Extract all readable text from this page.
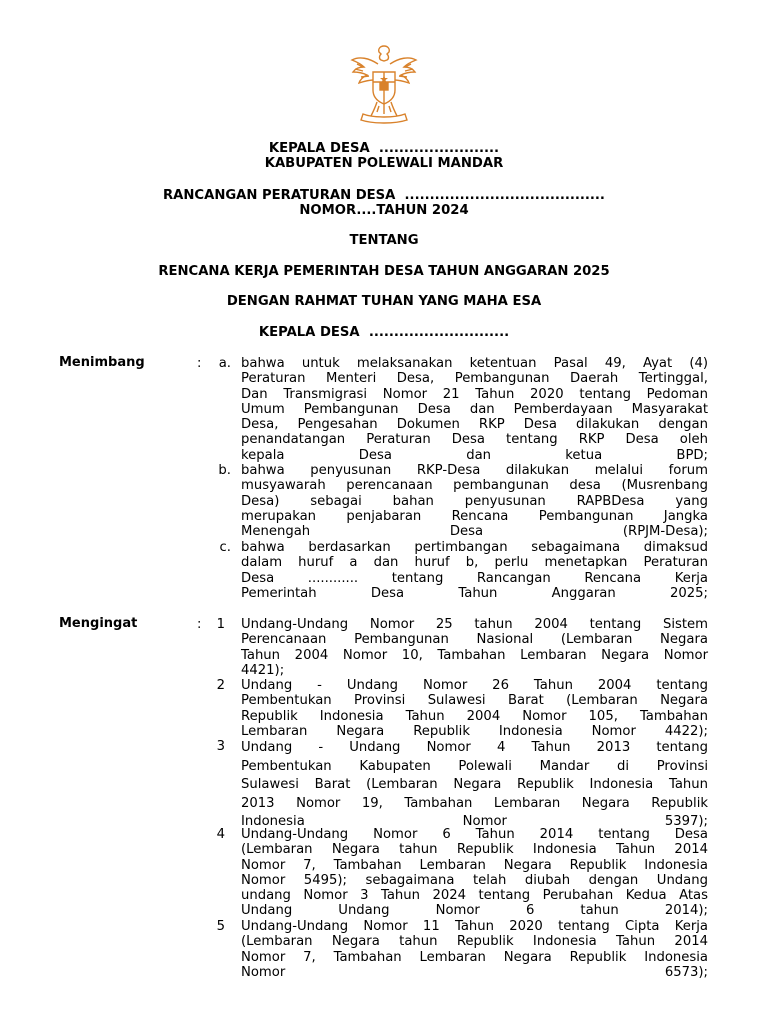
KEPALA DESA  ........................
KABUPATEN POLEWALI MANDAR
RANCANGAN PERATURAN DESA  ........................................
NOMOR....TAHUN 2024
TENTANG
RENCANA KERJA PEMERINTAH DESA TAHUN ANGGARAN 2025
DENGAN RAHMAT TUHAN YANG MAHA ESA
KEPALA DESA  ............................
Menimbang	:	a. bahwa untuk melaksanakan ketentuan Pasal 49, Ayat (4)
Peraturan Menteri Desa, Pembangunan Daerah Tertinggal,
Dan Transmigrasi Nomor 21 Tahun 2020 tentang Pedoman
Umum Pembangunan Desa dan Pemberdayaan Masyarakat
Desa, Pengesahan Dokumen RKP Desa dilakukan dengan
penandatangan Peraturan Desa tentang RKP Desa oleh
kepala Desa dan ketua BPD;
b. bahwa penyusunan RKP-Desa dilakukan melalui forum
musyawarah perencanaan pembangunan desa (Musrenbang
Desa) sebagai bahan penyusunan RAPBDesa yang
merupakan penjabaran Rencana Pembangunan Jangka
Menengah Desa (RPJM-Desa);
c. bahwa berdasarkan pertimbangan sebagaimana dimaksud
dalam huruf a dan huruf b, perlu menetapkan Peraturan
Desa ............ tentang Rancangan Rencana Kerja
Pemerintah Desa Tahun Anggaran 2025;
Mengingat	:	1 Undang-Undang Nomor 25 tahun 2004 tentang Sistem
Perencanaan Pembangunan Nasional (Lembaran Negara
Tahun 2004 Nomor 10, Tambahan Lembaran Negara Nomor
4421);
2 Undang - Undang Nomor 26 Tahun 2004 tentang
Pembentukan Provinsi Sulawesi Barat (Lembaran Negara
Republik Indonesia Tahun 2004 Nomor 105, Tambahan
Lembaran Negara Republik Indonesia Nomor 4422);
3 Undang - Undang Nomor 4 Tahun 2013 tentang
Pembentukan Kabupaten Polewali Mandar di Provinsi
Sulawesi Barat (Lembaran Negara Republik Indonesia Tahun
2013 Nomor 19, Tambahan Lembaran Negara Republik
Indonesia Nomor 5397);
4 Undang-Undang Nomor 6 Tahun 2014 tentang Desa
(Lembaran Negara tahun Republik Indonesia Tahun 2014
Nomor 7, Tambahan Lembaran Negara Republik Indonesia
Nomor 5495); sebagaimana telah diubah dengan Undang
undang Nomor 3 Tahun 2024 tentang Perubahan Kedua Atas
Undang Undang Nomor 6 tahun 2014);
5 Undang-Undang Nomor 11 Tahun 2020 tentang Cipta Kerja
(Lembaran Negara tahun Republik Indonesia Tahun 2014
Nomor 7, Tambahan Lembaran Negara Republik Indonesia
Nomor 6573);
